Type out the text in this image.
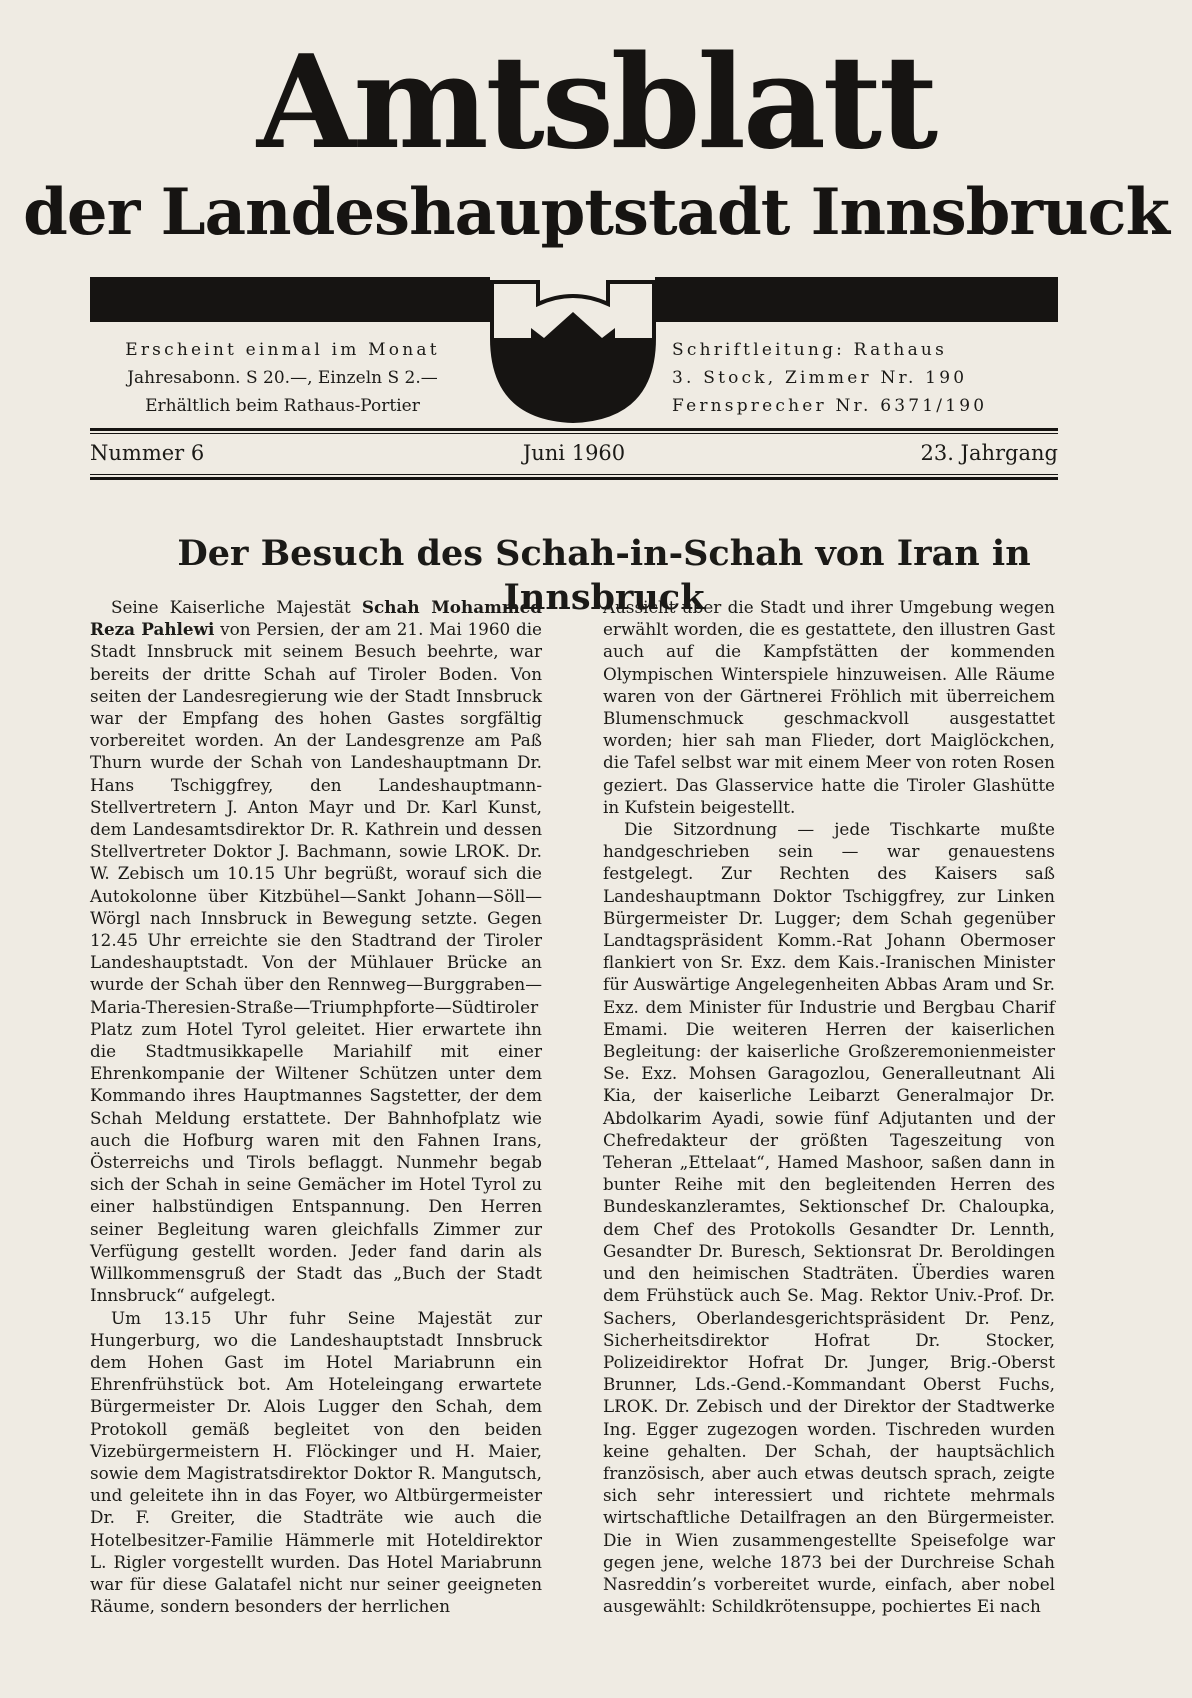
Amtsblatt
der Landeshauptstadt Innsbruck
Erscheint einmal im Monat
Jahresabonn. S 20.—, Einzeln S 2.—
Erhältlich beim Rathaus-Portier
Schriftleitung: Rathaus
3. Stock, Zimmer Nr. 190
Fernsprecher Nr. 6371/190
Nummer 6	Juni 1960	23. Jahrgang
Der Besuch des Schah-in-Schah von Iran in Innsbruck

Seine Kaiserliche Majestät Schah Mohammed Reza Pahlewi von Persien, der am 21. Mai 1960 die Stadt Innsbruck mit seinem Besuch beehrte, war bereits der dritte Schah auf Tiroler Boden. Von seiten der Landesregierung wie der Stadt Innsbruck war der Empfang des hohen Gastes sorgfältig vorbereitet worden. An der Landesgrenze am Paß Thurn wurde der Schah von Landeshauptmann Dr. Hans Tschiggfrey, den Landeshauptmann-Stellvertretern J. Anton Mayr und Dr. Karl Kunst, dem Landesamtsdirektor Dr. R. Kathrein und dessen Stellvertreter Doktor J. Bachmann, sowie LROK. Dr. W. Zebisch um 10.15 Uhr begrüßt, worauf sich die Autokolonne über Kitzbühel—Sankt Johann—Söll—Wörgl nach Innsbruck in Bewegung setzte. Gegen 12.45 Uhr erreichte sie den Stadtrand der Tiroler Landeshauptstadt. Von der Mühlauer Brücke an wurde der Schah über den Rennweg—Burggraben—Maria-Theresien-Straße—Triumphpforte—Südtiroler Platz zum Hotel Tyrol geleitet. Hier erwartete ihn die Stadtmusikkapelle Mariahilf mit einer Ehrenkompanie der Wiltener Schützen unter dem Kommando ihres Hauptmannes Sagstetter, der dem Schah Meldung erstattete. Der Bahnhofplatz wie auch die Hofburg waren mit den Fahnen Irans, Österreichs und Tirols beflaggt. Nunmehr begab sich der Schah in seine Gemächer im Hotel Tyrol zu einer halbstündigen Entspannung. Den Herren seiner Begleitung waren gleichfalls Zimmer zur Verfügung gestellt worden. Jeder fand darin als Willkommensgruß der Stadt das „Buch der Stadt Innsbruck“ aufgelegt.

Um 13.15 Uhr fuhr Seine Majestät zur Hungerburg, wo die Landeshauptstadt Innsbruck dem Hohen Gast im Hotel Mariabrunn ein Ehrenfrühstück bot. Am Hoteleingang erwartete Bürgermeister Dr. Alois Lugger den Schah, dem Protokoll gemäß begleitet von den beiden Vizebürgermeistern H. Flöckinger und H. Maier, sowie dem Magistratsdirektor Doktor R. Mangutsch, und geleitete ihn in das Foyer, wo Altbürgermeister Dr. F. Greiter, die Stadträte wie auch die Hotelbesitzer-Familie Hämmerle mit Hoteldirektor L. Rigler vorgestellt wurden. Das Hotel Mariabrunn war für diese Galatafel nicht nur seiner geeigneten Räume, sondern besonders der herrlichen

Aussicht über die Stadt und ihrer Umgebung wegen erwählt worden, die es gestattete, den illustren Gast auch auf die Kampfstätten der kommenden Olympischen Winterspiele hinzuweisen. Alle Räume waren von der Gärtnerei Fröhlich mit überreichem Blumenschmuck geschmackvoll ausgestattet worden; hier sah man Flieder, dort Maiglöckchen, die Tafel selbst war mit einem Meer von roten Rosen geziert. Das Glasservice hatte die Tiroler Glashütte in Kufstein beigestellt.

Die Sitzordnung — jede Tischkarte mußte handgeschrieben sein — war genauestens festgelegt. Zur Rechten des Kaisers saß Landeshauptmann Doktor Tschiggfrey, zur Linken Bürgermeister Dr. Lugger; dem Schah gegenüber Landtagspräsident Komm.-Rat Johann Obermoser flankiert von Sr. Exz. dem Kais.-Iranischen Minister für Auswärtige Angelegenheiten Abbas Aram und Sr. Exz. dem Minister für Industrie und Bergbau Charif Emami. Die weiteren Herren der kaiserlichen Begleitung: der kaiserliche Großzeremonienmeister Se. Exz. Mohsen Garagozlou, Generalleutnant Ali Kia, der kaiserliche Leibarzt Generalmajor Dr. Abdolkarim Ayadi, sowie fünf Adjutanten und der Chefredakteur der größten Tageszeitung von Teheran „Ettelaat“, Hamed Mashoor, saßen dann in bunter Reihe mit den begleitenden Herren des Bundeskanzleramtes, Sektionschef Dr. Chaloupka, dem Chef des Protokolls Gesandter Dr. Lennth, Gesandter Dr. Buresch, Sektionsrat Dr. Beroldingen und den heimischen Stadträten. Überdies waren dem Frühstück auch Se. Mag. Rektor Univ.-Prof. Dr. Sachers, Oberlandesgerichtspräsident Dr. Penz, Sicherheitsdirektor Hofrat Dr. Stocker, Polizeidirektor Hofrat Dr. Junger, Brig.-Oberst Brunner, Lds.-Gend.-Kommandant Oberst Fuchs, LROK. Dr. Zebisch und der Direktor der Stadtwerke Ing. Egger zugezogen worden. Tischreden wurden keine gehalten. Der Schah, der hauptsächlich französisch, aber auch etwas deutsch sprach, zeigte sich sehr interessiert und richtete mehrmals wirtschaftliche Detailfragen an den Bürgermeister. Die in Wien zusammengestellte Speisefolge war gegen jene, welche 1873 bei der Durchreise Schah Nasreddin’s vorbereitet wurde, einfach, aber nobel ausgewählt: Schildkrötensuppe, pochiertes Ei nach
